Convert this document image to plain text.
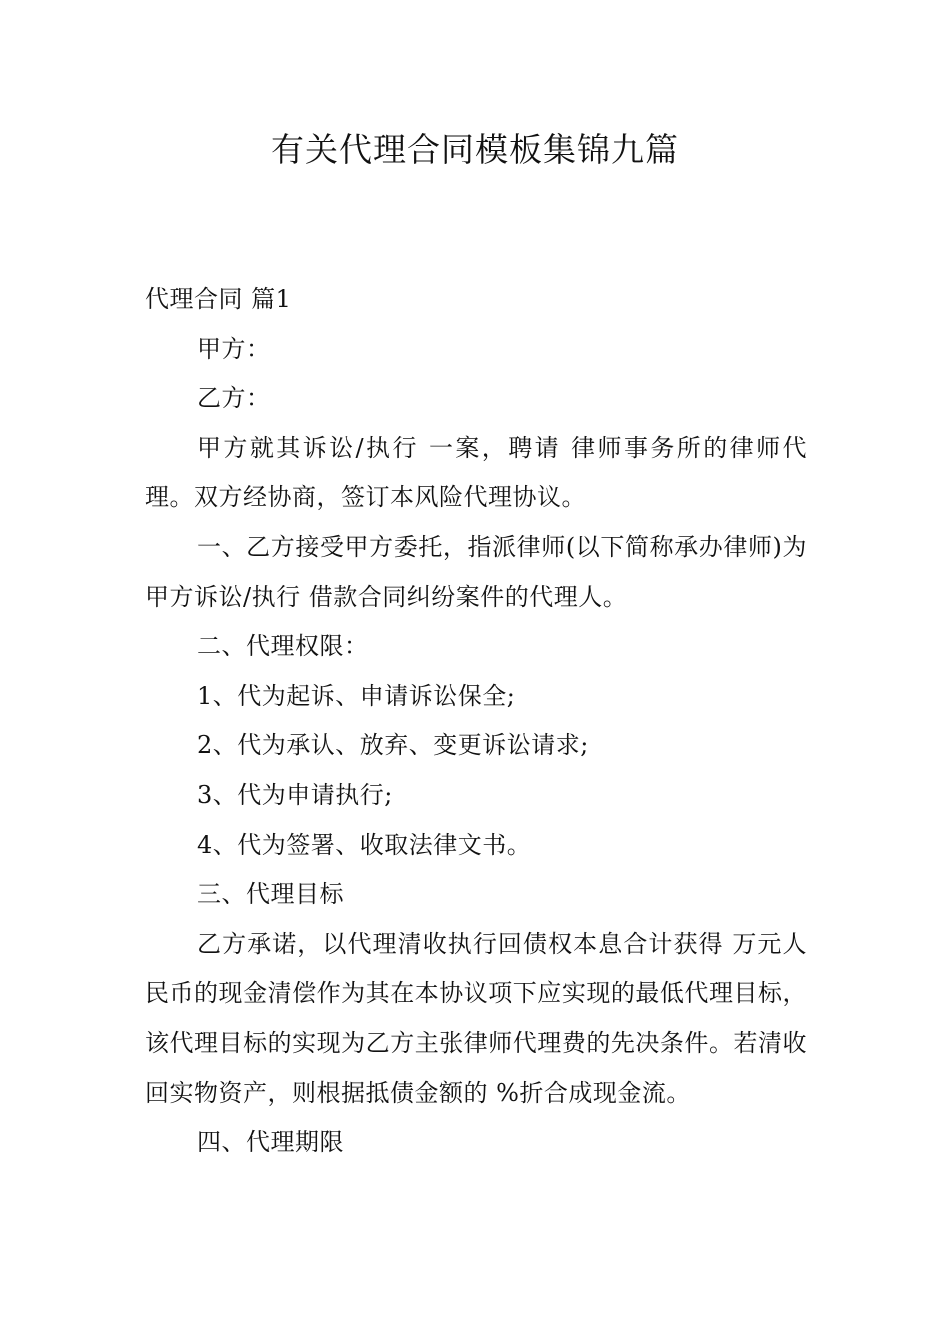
有关代理合同模板集锦九篇

代理合同 篇1

甲方：

乙方：

甲方就其诉讼/执行 一案，聘请 律师事务所的律师代理。双方经协商，签订本风险代理协议。

一、乙方接受甲方委托，指派律师(以下简称承办律师)为甲方诉讼/执行 借款合同纠纷案件的代理人。

二、代理权限：

1、代为起诉、申请诉讼保全;

2、代为承认、放弃、变更诉讼请求;

3、代为申请执行;

4、代为签署、收取法律文书。

三、代理目标

乙方承诺，以代理清收执行回债权本息合计获得 万元人民币的现金清偿作为其在本协议项下应实现的最低代理目标，该代理目标的实现为乙方主张律师代理费的先决条件。若清收回实物资产，则根据抵债金额的 %折合成现金流。

四、代理期限
